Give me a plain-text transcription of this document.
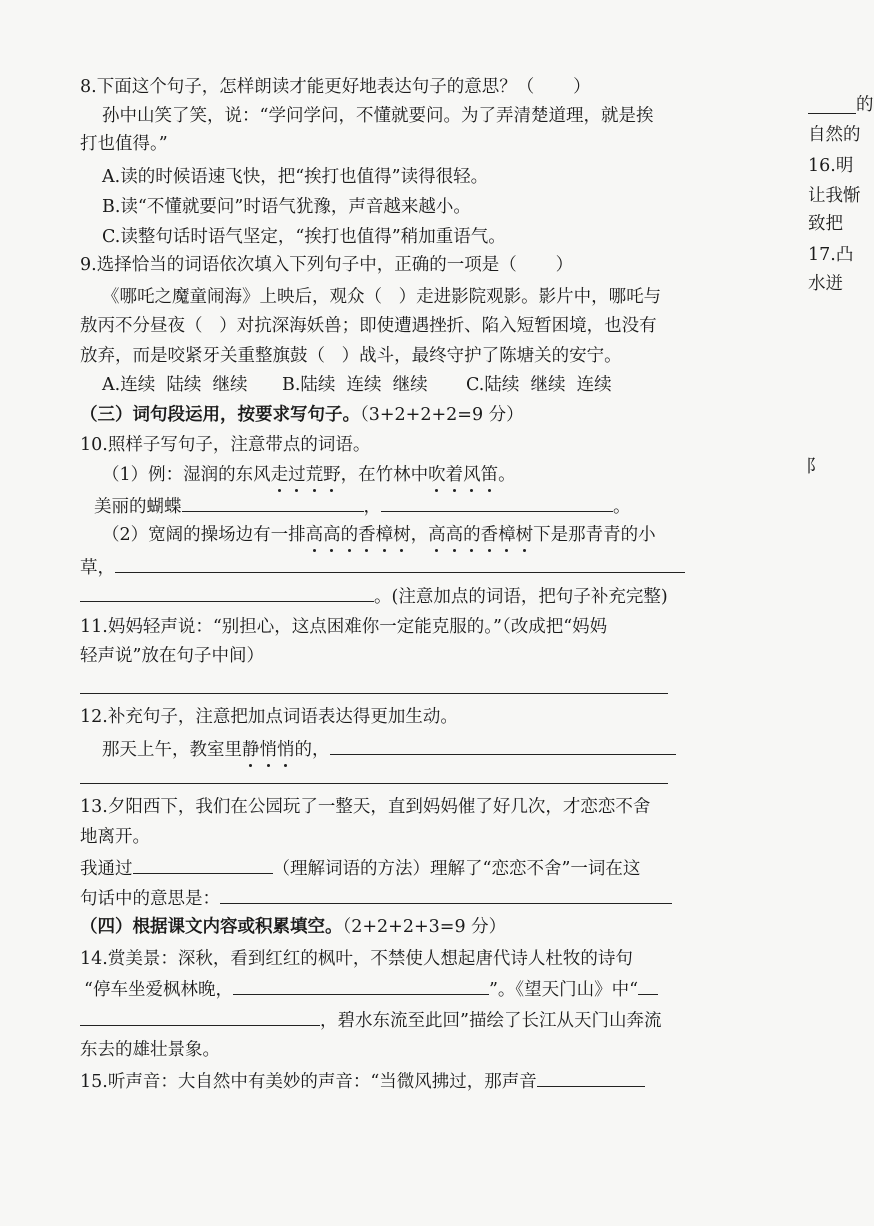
8.下面这个句子，怎样朗读才能更好地表达句子的意思？（       ）
孙中山笑了笑，说：“学问学问，不懂就要问。为了弄清楚道理，就是挨
打也值得。”
A.读的时候语速飞快，把“挨打也值得”读得很轻。
B.读“不懂就要问”时语气犹豫，声音越来越小。
C.读整句话时语气坚定，“挨打也值得”稍加重语气。
9.选择恰当的词语依次填入下列句子中，正确的一项是（       ）
《哪吒之魔童闹海》上映后，观众（   ）走进影院观影。影片中，哪吒与
敖丙不分昼夜（   ）对抗深海妖兽；即使遭遇挫折、陷入短暂困境，也没有
放弃，而是咬紧牙关重整旗鼓（   ）战斗，最终守护了陈塘关的安宁。
A.连续  陆续  继续 B.陆续  连续  继续 C.陆续  继续  连续
（三）词句段运用，按要求写句子。（3+2+2+2=9 分）
10.照样子写句子，注意带点的词语。
（1）例：湿润的东风走过荒野，在竹林中吹着风笛。
美丽的蝴蝶	，	。
（2）宽阔的操场边有一排高高的香樟树，高高的香樟树下是那青青的小
草，
。(注意加点的词语，把句子补充完整)
11.妈妈轻声说：“别担心，这点困难你一定能克服的。”（改成把“妈妈
轻声说”放在句子中间）
12.补充句子，注意把加点词语表达得更加生动。
那天上午，教室里静悄悄的，
13.夕阳西下，我们在公园玩了一整天，直到妈妈催了好几次，才恋恋不舍
地离开。
我通过	（理解词语的方法）理解了“恋恋不舍”一词在这
句话中的意思是：
（四）根据课文内容或积累填空。（2+2+2+3=9 分）
14.赏美景：深秋，看到红红的枫叶，不禁使人想起唐代诗人杜牧的诗句
“停车坐爱枫林晚，	”。《望天门山》中“
，碧水东流至此回”描绘了长江从天门山奔流
东去的雄壮景象。
15.听声音：大自然中有美妙的声音：“当微风拂过，那声音
的
自然的
16.明
让我惭
致把
17.凸
水迸
阝
